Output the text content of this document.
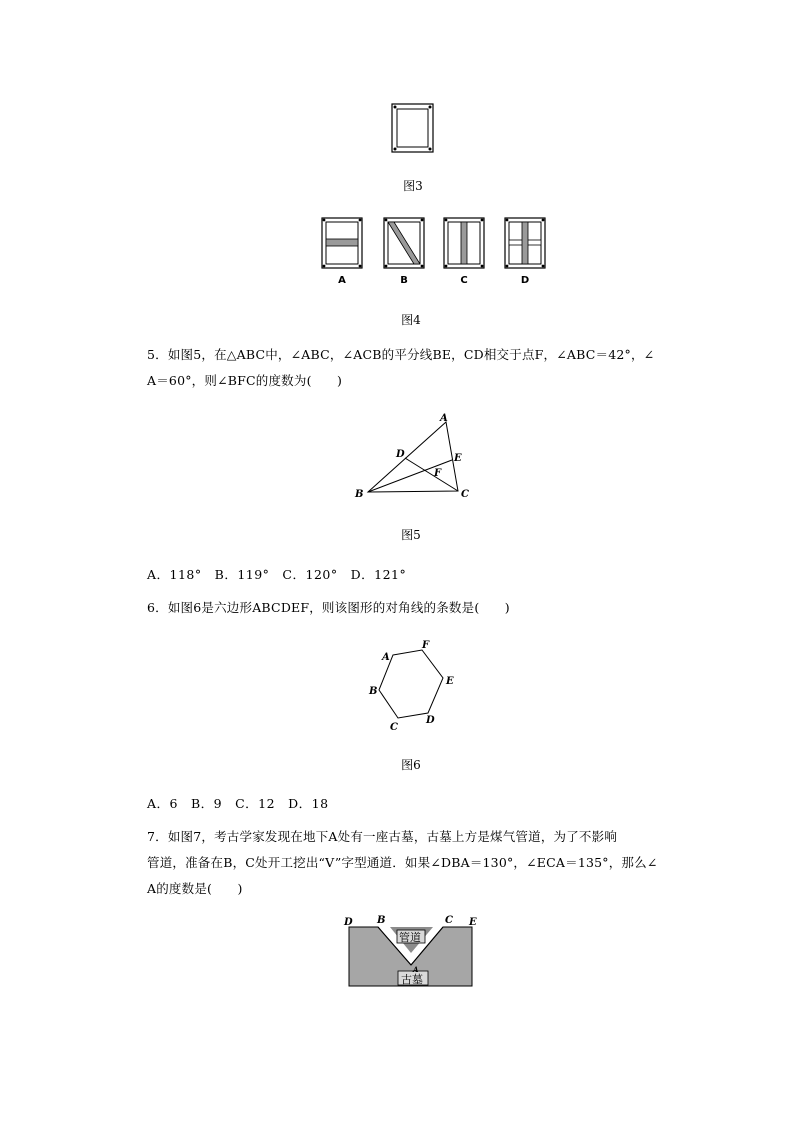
图3
A	B	C	D
图4
5．如图5，在△ABC中，∠ABC，∠ACB的平分线BE，CD相交于点F，∠ABC＝42°，∠
A＝60°，则∠BFC的度数为(　　)
A
B	C
D	E
F
图5
A．118°　B．119°　C．120°　D．121°
6．如图6是六边形ABCDEF，则该图形的对角线的条数是(　　)
A
F
E
D
C
B
图6
A．6　B．9　C．12　D．18
7．如图7，考古学家发现在地下A处有一座古墓，古墓上方是煤气管道，为了不影响
管道，准备在B，C处开工挖出“V”字型通道．如果∠DBA＝130°，∠ECA＝135°，那么∠
A的度数是(　　)
管道
古墓
D B	C E
A
